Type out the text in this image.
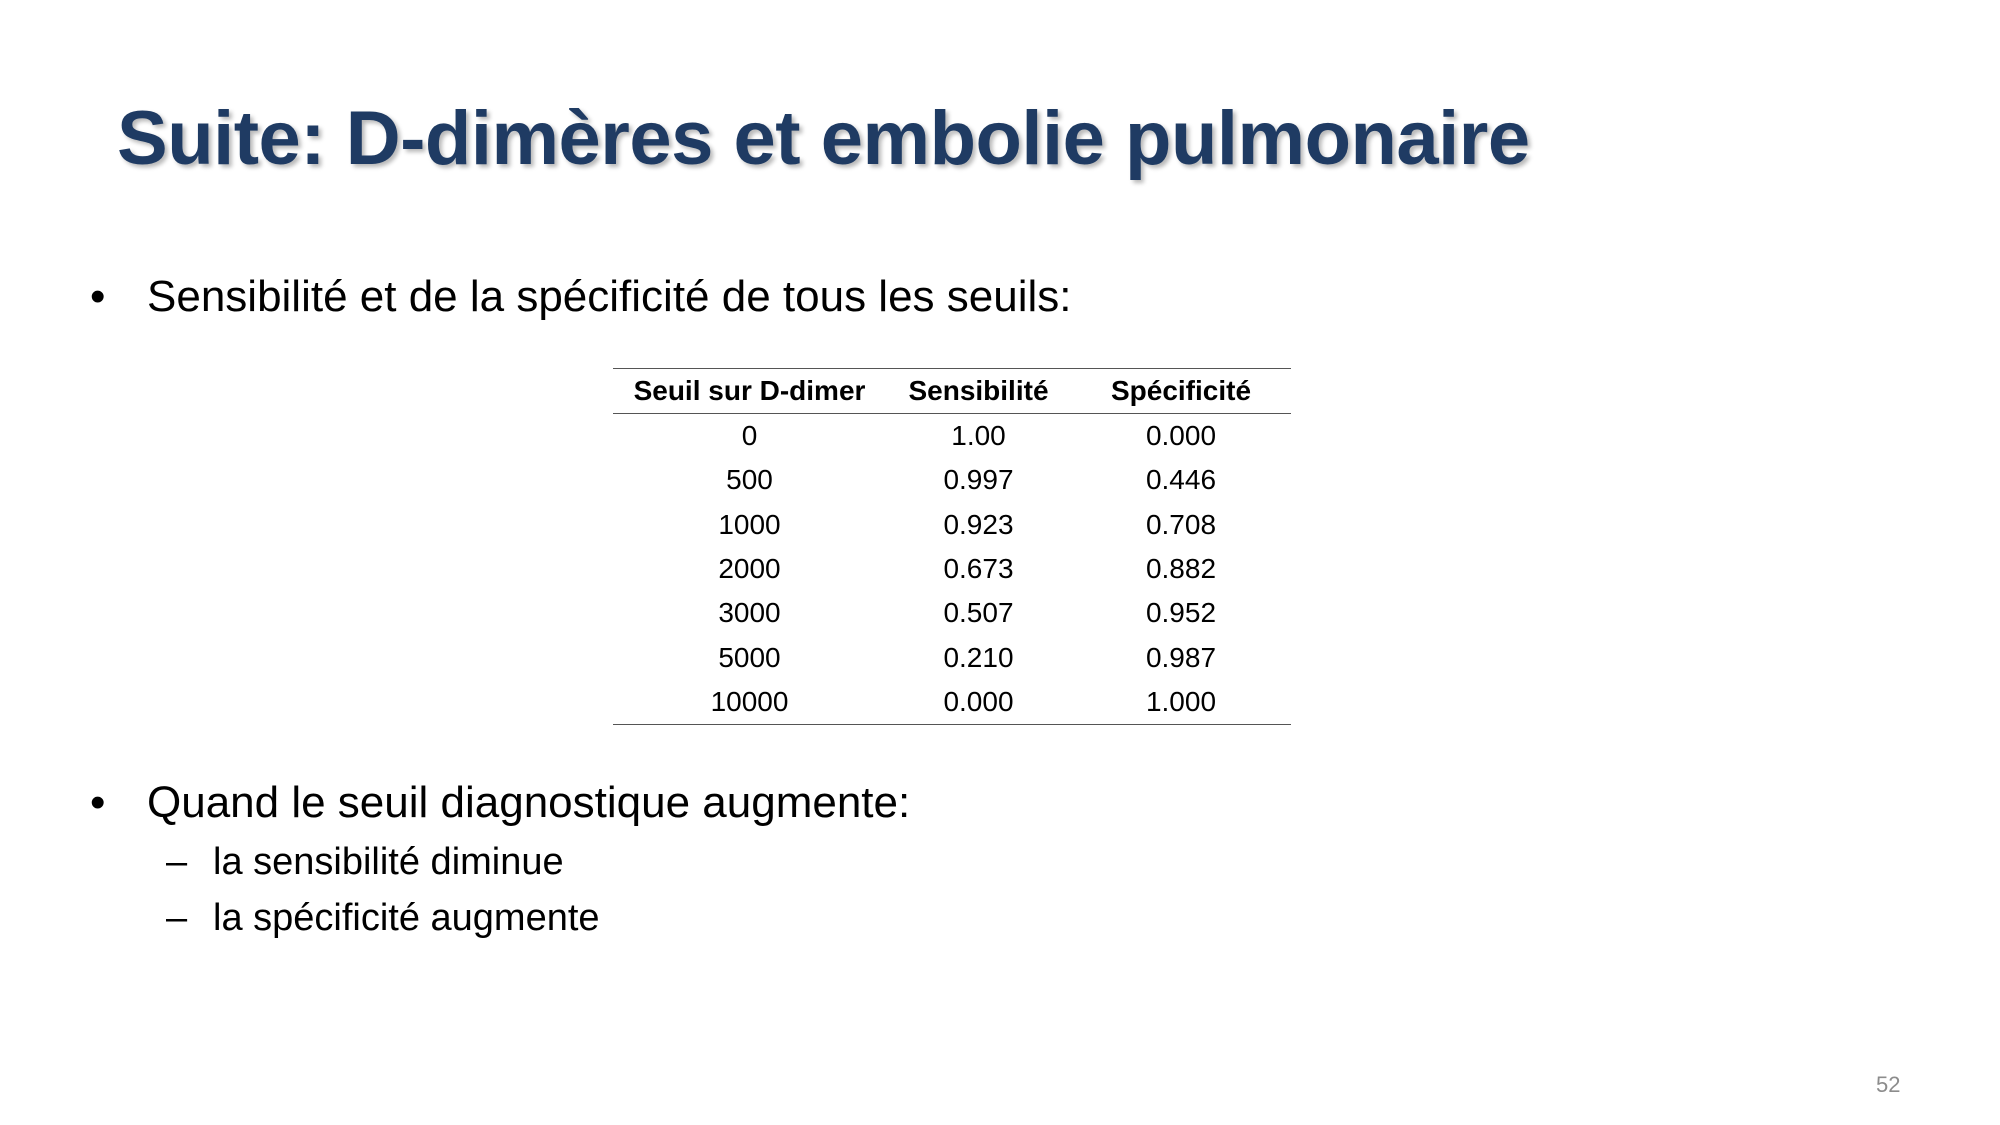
Suite: D-dimères et embolie pulmonaire
• Sensibilité et de la spécificité de tous les seuils:
Seuil sur D-dimer	Sensibilité	Spécificité
0	1.00	0.000
500	0.997	0.446
1000	0.923	0.708
2000	0.673	0.882
3000	0.507	0.952
5000	0.210	0.987
10000	0.000	1.000
• Quand le seuil diagnostique augmente:
– la sensibilité diminue
– la spécificité augmente
52
